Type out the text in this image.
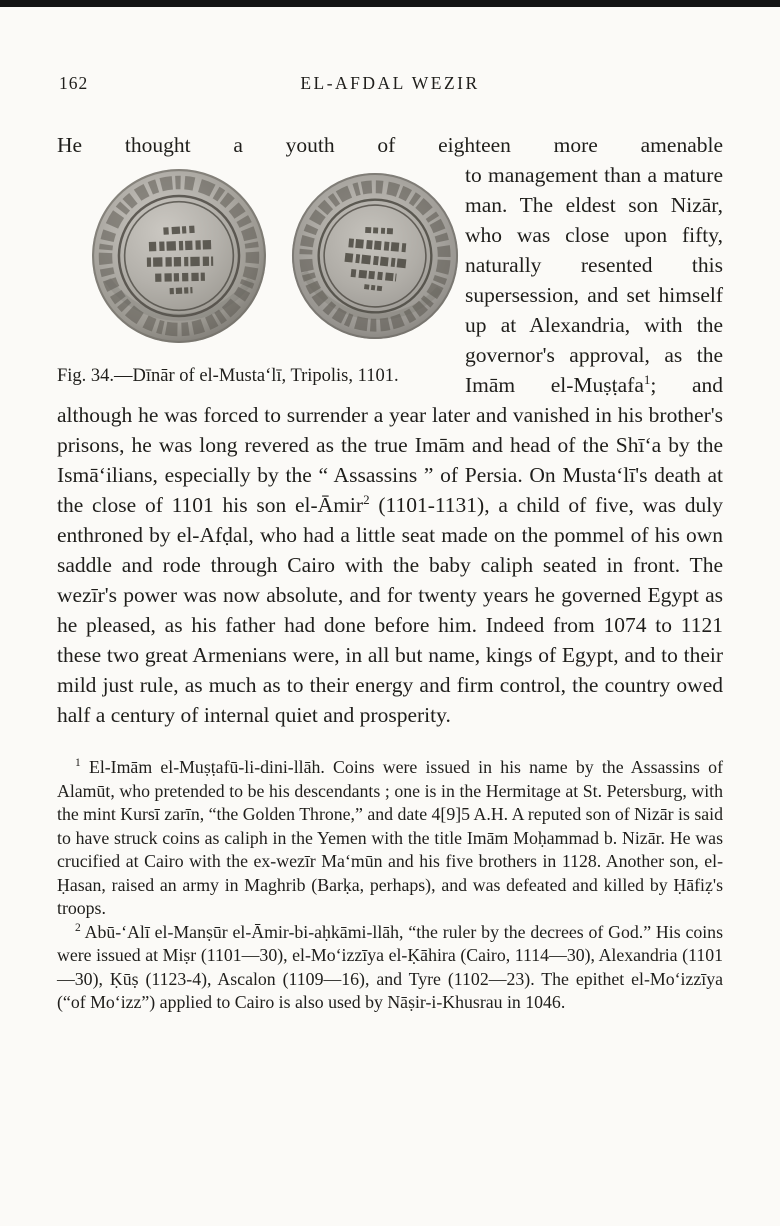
162	EL-AFDAL WEZIR
He thought a youth of eighteen more amenable

Fig. 34.—Dīnār of el-Musta‘lī, Tripolis, 1101.
to management than a mature man. The eldest son Nizār, who was close upon fifty, naturally resented this supersession, and set himself up at Alexandria, with the governor's approval, as the Imām el-Muṣṭafa$^1$; and although he was forced to surrender a year later and vanished in his brother's prisons, he was long revered as the true Imām and head of the Shī‘a by the Ismā‘ilians, especially by the “ Assassins ” of Persia. On Musta‘lī's death at the close of 1101 his son el-Āmir$^2$ (1101-1131), a child of five, was duly enthroned by el-Afḍal, who had a little seat made on the pommel of his own saddle and rode through Cairo with the baby caliph seated in front. The wezīr's power was now absolute, and for twenty years he governed Egypt as he pleased, as his father had done before him. Indeed from 1074 to 1121 these two great Armenians were, in all but name, kings of Egypt, and to their mild just rule, as much as to their energy and firm control, the country owed half a century of internal quiet and prosperity.

$^1$ El-Imām el-Muṣṭafū-li-dini-llāh. Coins were issued in his name by the Assassins of Alamūt, who pretended to be his descendants ; one is in the Hermitage at St. Petersburg, with the mint Kursī zarīn, “the Golden Throne,” and date 4[9]5 A.H. A reputed son of Nizār is said to have struck coins as caliph in the Yemen with the title Imām Moḥammad b. Nizār. He was crucified at Cairo with the ex-wezīr Ma‘mūn and his five brothers in 1128. Another son, el-Ḥasan, raised an army in Maghrib (Barḳa, perhaps), and was defeated and killed by Ḥāfiẓ's troops.

$^2$ Abū-‘Alī el-Manṣūr el-Āmir-bi-aḥkāmi-llāh, “the ruler by the decrees of God.” His coins were issued at Miṣr (1101—30), el-Mo‘izzīya el-Ḳāhira (Cairo, 1114—30), Alexandria (1101—30), Ḳūṣ (1123-4), Ascalon (1109—16), and Tyre (1102—23). The epithet el-Mo‘izzīya (“of Mo‘izz”) applied to Cairo is also used by Nāṣir-i-Khusrau in 1046.
